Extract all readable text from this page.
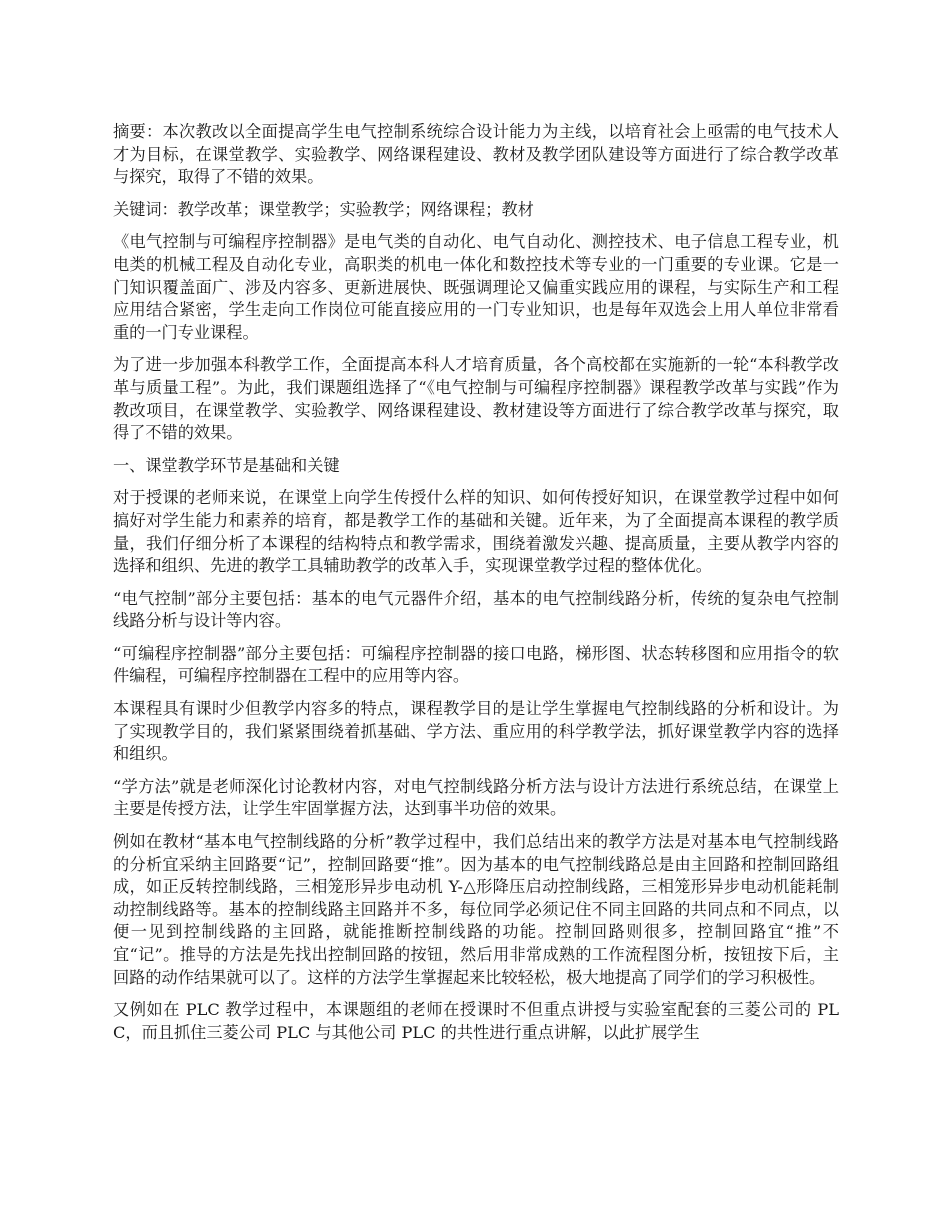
摘要：本次教改以全面提高学生电气控制系统综合设计能力为主线，以培育社会上亟需的电气技术人才为目标，在课堂教学、实验教学、网络课程建设、教材及教学团队建设等方面进行了综合教学改革与探究，取得了不错的效果。

关键词：教学改革；课堂教学；实验教学；网络课程；教材

《电气控制与可编程序控制器》是电气类的自动化、电气自动化、测控技术、电子信息工程专业，机电类的机械工程及自动化专业，高职类的机电一体化和数控技术等专业的一门重要的专业课。它是一门知识覆盖面广、涉及内容多、更新进展快、既强调理论又偏重实践应用的课程，与实际生产和工程应用结合紧密，学生走向工作岗位可能直接应用的一门专业知识，也是每年双选会上用人单位非常看重的一门专业课程。

为了进一步加强本科教学工作，全面提高本科人才培育质量，各个高校都在实施新的一轮“本科教学改革与质量工程”。为此，我们课题组选择了“《电气控制与可编程序控制器》课程教学改革与实践”作为教改项目，在课堂教学、实验教学、网络课程建设、教材建设等方面进行了综合教学改革与探究，取得了不错的效果。

一、课堂教学环节是基础和关键

对于授课的老师来说，在课堂上向学生传授什么样的知识、如何传授好知识，在课堂教学过程中如何搞好对学生能力和素养的培育，都是教学工作的基础和关键。近年来，为了全面提高本课程的教学质量，我们仔细分析了本课程的结构特点和教学需求，围绕着激发兴趣、提高质量，主要从教学内容的选择和组织、先进的教学工具辅助教学的改革入手，实现课堂教学过程的整体优化。

“电气控制”部分主要包括：基本的电气元器件介绍，基本的电气控制线路分析，传统的复杂电气控制线路分析与设计等内容。

“可编程序控制器”部分主要包括：可编程序控制器的接口电路，梯形图、状态转移图和应用指令的软件编程，可编程序控制器在工程中的应用等内容。

本课程具有课时少但教学内容多的特点，课程教学目的是让学生掌握电气控制线路的分析和设计。为了实现教学目的，我们紧紧围绕着抓基础、学方法、重应用的科学教学法，抓好课堂教学内容的选择和组织。

“学方法”就是老师深化讨论教材内容，对电气控制线路分析方法与设计方法进行系统总结，在课堂上主要是传授方法，让学生牢固掌握方法，达到事半功倍的效果。

例如在教材“基本电气控制线路的分析”教学过程中，我们总结出来的教学方法是对基本电气控制线路的分析宜采纳主回路要“记”，控制回路要“推”。因为基本的电气控制线路总是由主回路和控制回路组成，如正反转控制线路，三相笼形异步电动机 Y-△形降压启动控制线路，三相笼形异步电动机能耗制动控制线路等。基本的控制线路主回路并不多，每位同学必须记住不同主回路的共同点和不同点，以便一见到控制线路的主回路，就能推断控制线路的功能。控制回路则很多，控制回路宜“推”不宜“记”。推导的方法是先找出控制回路的按钮，然后用非常成熟的工作流程图分析，按钮按下后，主回路的动作结果就可以了。这样的方法学生掌握起来比较轻松，极大地提高了同学们的学习积极性。

又例如在 PLC 教学过程中，本课题组的老师在授课时不但重点讲授与实验室配套的三菱公司的 PLC，而且抓住三菱公司 PLC 与其他公司 PLC 的共性进行重点讲解，以此扩展学生
